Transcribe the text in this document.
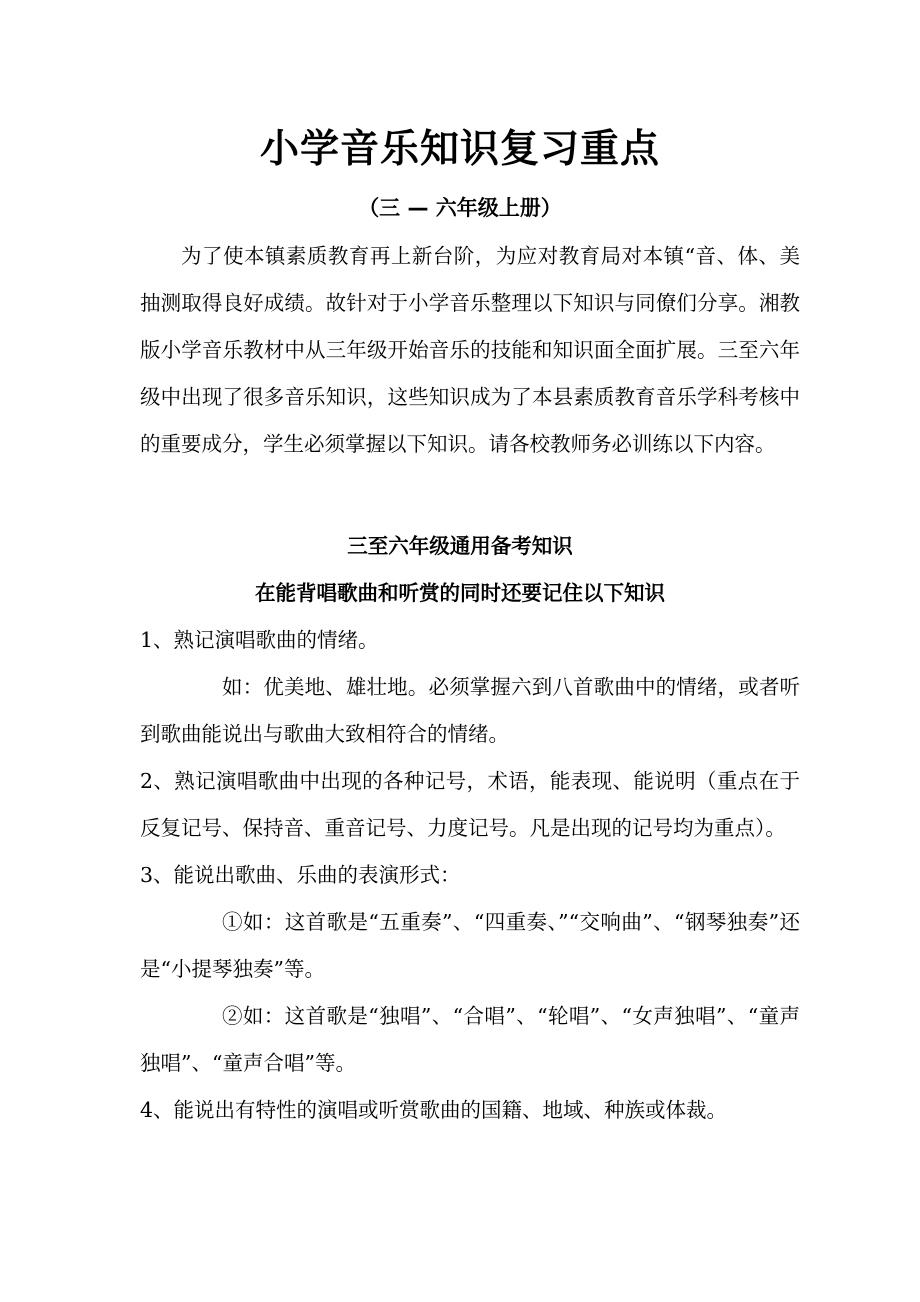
小学音乐知识复习重点
（三 — 六年级上册）
为了使本镇素质教育再上新台阶，为应对教育局对本镇“音、体、美抽测取得良好成绩。故针对于小学音乐整理以下知识与同僚们分享。湘教版小学音乐教材中从三年级开始音乐的技能和知识面全面扩展。三至六年级中出现了很多音乐知识，这些知识成为了本县素质教育音乐学科考核中的重要成分，学生必须掌握以下知识。请各校教师务必训练以下内容。
三至六年级通用备考知识
在能背唱歌曲和听赏的同时还要记住以下知识
1、熟记演唱歌曲的情绪。
如：优美地、雄壮地。必须掌握六到八首歌曲中的情绪，或者听到歌曲能说出与歌曲大致相符合的情绪。
2、熟记演唱歌曲中出现的各种记号，术语，能表现、能说明（重点在于反复记号、保持音、重音记号、力度记号。凡是出现的记号均为重点）。
3、能说出歌曲、乐曲的表演形式：
①如：这首歌是“五重奏”、“四重奏、”“交响曲”、“钢琴独奏”还是“小提琴独奏”等。
②如：这首歌是“独唱”、“合唱”、“轮唱”、“女声独唱”、“童声独唱”、“童声合唱”等。
4、能说出有特性的演唱或听赏歌曲的国籍、地域、种族或体裁。
